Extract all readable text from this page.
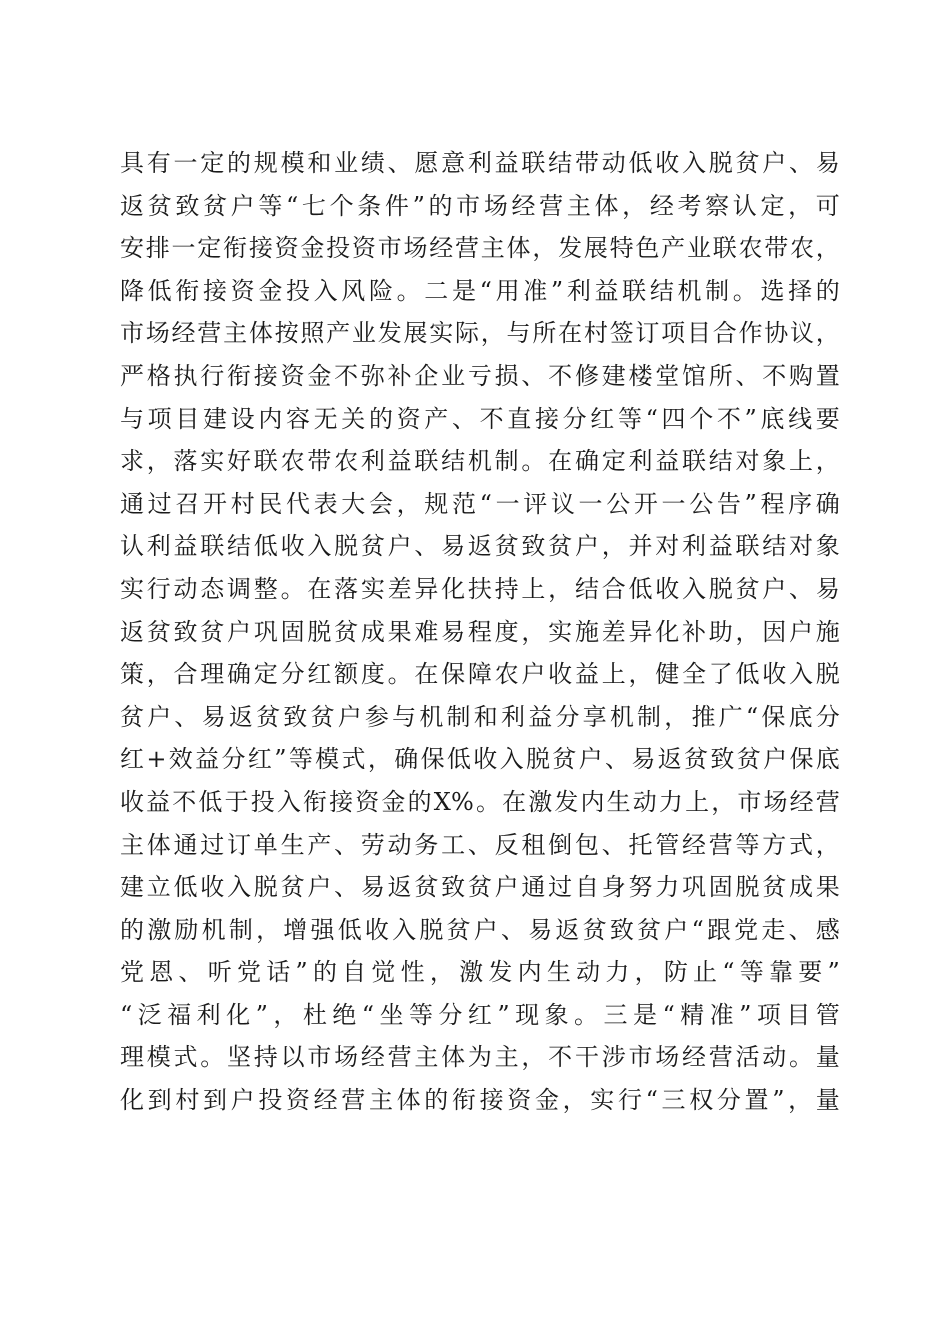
具有一定的规模和业绩、愿意利益联结带动低收入脱贫户、易
返贫致贫户等“七个条件”的市场经营主体，经考察认定，可
安排一定衔接资金投资市场经营主体，发展特色产业联农带农，
降低衔接资金投入风险。二是“用准”利益联结机制。选择的
市场经营主体按照产业发展实际，与所在村签订项目合作协议，
严格执行衔接资金不弥补企业亏损、不修建楼堂馆所、不购置
与项目建设内容无关的资产、不直接分红等“四个不”底线要
求，落实好联农带农利益联结机制。在确定利益联结对象上，
通过召开村民代表大会，规范“一评议一公开一公告”程序确
认利益联结低收入脱贫户、易返贫致贫户，并对利益联结对象
实行动态调整。在落实差异化扶持上，结合低收入脱贫户、易
返贫致贫户巩固脱贫成果难易程度，实施差异化补助，因户施
策，合理确定分红额度。在保障农户收益上，健全了低收入脱
贫户、易返贫致贫户参与机制和利益分享机制，推广“保底分
红+效益分红”等模式，确保低收入脱贫户、易返贫致贫户保底
收益不低于投入衔接资金的X%。在激发内生动力上，市场经营
主体通过订单生产、劳动务工、反租倒包、托管经营等方式，
建立低收入脱贫户、易返贫致贫户通过自身努力巩固脱贫成果
的激励机制，增强低收入脱贫户、易返贫致贫户“跟党走、感
党恩、听党话”的自觉性，激发内生动力，防止“等靠要”
“泛福利化”，杜绝“坐等分红”现象。三是“精准”项目管
理模式。坚持以市场经营主体为主，不干涉市场经营活动。量
化到村到户投资经营主体的衔接资金，实行“三权分置”，量
